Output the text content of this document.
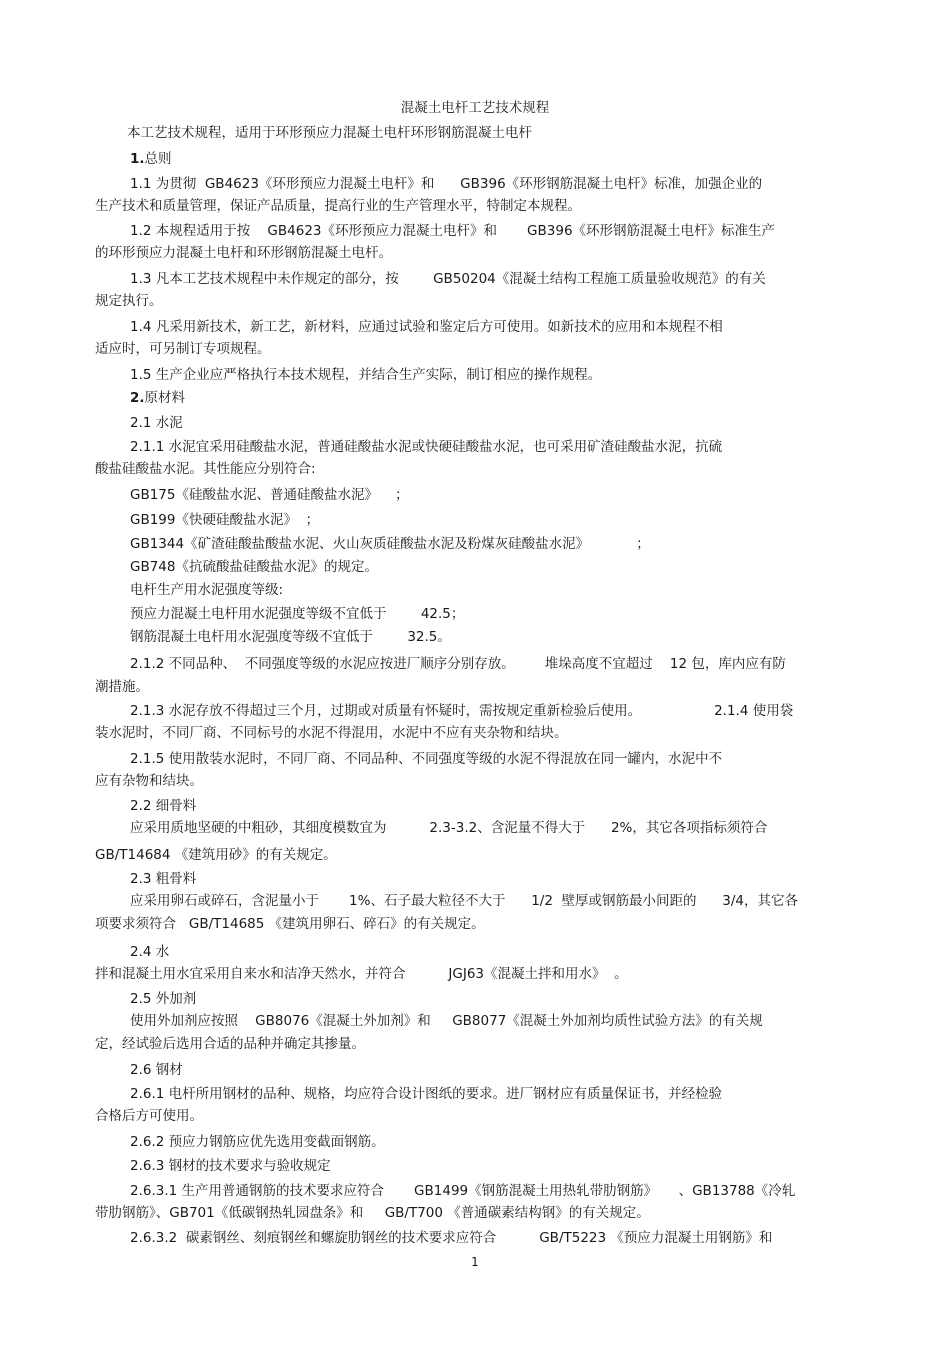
混凝土电杆工艺技术规程
本工艺技术规程，适用于环形预应力混凝土电杆环形钢筋混凝土电杆
1.总则
1.1 为贯彻  GB4623《环形预应力混凝土电杆》和      GB396《环形钢筋混凝土电杆》标准，加强企业的
生产技术和质量管理，保证产品质量，提高行业的生产管理水平，特制定本规程。
1.2 本规程适用于按    GB4623《环形预应力混凝土电杆》和       GB396《环形钢筋混凝土电杆》标准生产
的环形预应力混凝土电杆和环形钢筋混凝土电杆。
1.3 凡本工艺技术规程中未作规定的部分，按        GB50204《混凝土结构工程施工质量验收规范》的有关
规定执行。
1.4 凡采用新技术，新工艺，新材料，应通过试验和鉴定后方可使用。如新技术的应用和本规程不相
适应时，可另制订专项规程。
1.5 生产企业应严格执行本技术规程，并结合生产实际，制订相应的操作规程。
2.原材料
2.1 水泥
2.1.1 水泥宜采用硅酸盐水泥，普通硅酸盐水泥或快硬硅酸盐水泥，也可采用矿渣硅酸盐水泥，抗硫
酸盐硅酸盐水泥。其性能应分别符合:
GB175《硅酸盐水泥、普通硅酸盐水泥》    ；
GB199《快硬硅酸盐水泥》  ；
GB1344《矿渣硅酸盐酸盐水泥、火山灰质硅酸盐水泥及粉煤灰硅酸盐水泥》           ；
GB748《抗硫酸盐硅酸盐水泥》的规定。
电杆生产用水泥强度等级:
预应力混凝土电杆用水泥强度等级不宜低于        42.5；
钢筋混凝土电杆用水泥强度等级不宜低于        32.5。
2.1.2 不同品种、  不同强度等级的水泥应按进厂顺序分别存放。       堆垛高度不宜超过    12 包，库内应有防
潮措施。
2.1.3 水泥存放不得超过三个月，过期或对质量有怀疑时，需按规定重新检验后使用。                 2.1.4 使用袋
装水泥时，不同厂商、不同标号的水泥不得混用，水泥中不应有夹杂物和结块。
2.1.5 使用散装水泥时，不同厂商、不同品种、不同强度等级的水泥不得混放在同一罐内，水泥中不
应有杂物和结块。
2.2 细骨料
应采用质地坚硬的中粗砂，其细度模数宜为          2.3-3.2、含泥量不得大于      2%，其它各项指标须符合
GB/T14684 《建筑用砂》的有关规定。
2.3 粗骨料
应采用卵石或碎石，含泥量小于       1%、石子最大粒径不大于      1/2  壁厚或钢筋最小间距的      3/4，其它各
项要求须符合   GB/T14685 《建筑用卵石、碎石》的有关规定。
2.4 水
拌和混凝土用水宜采用自来水和洁净天然水，并符合          JGJ63《混凝土拌和用水》  。
2.5 外加剂
使用外加剂应按照    GB8076《混凝土外加剂》和     GB8077《混凝土外加剂均质性试验方法》的有关规
定，经试验后选用合适的品种并确定其掺量。
2.6 钢材
2.6.1 电杆所用钢材的品种、规格，均应符合设计图纸的要求。进厂钢材应有质量保证书，并经检验
合格后方可使用。
2.6.2 预应力钢筋应优先选用变截面钢筋。
2.6.3 钢材的技术要求与验收规定
2.6.3.1 生产用普通钢筋的技术要求应符合       GB1499《钢筋混凝土用热轧带肋钢筋》     、GB13788《冷轧
带肋钢筋》、GB701《低碳钢热轧园盘条》和     GB/T700 《普通碳素结构钢》的有关规定。
2.6.3.2  碳素钢丝、刻痕钢丝和螺旋肋钢丝的技术要求应符合          GB/T5223 《预应力混凝土用钢筋》和
1
